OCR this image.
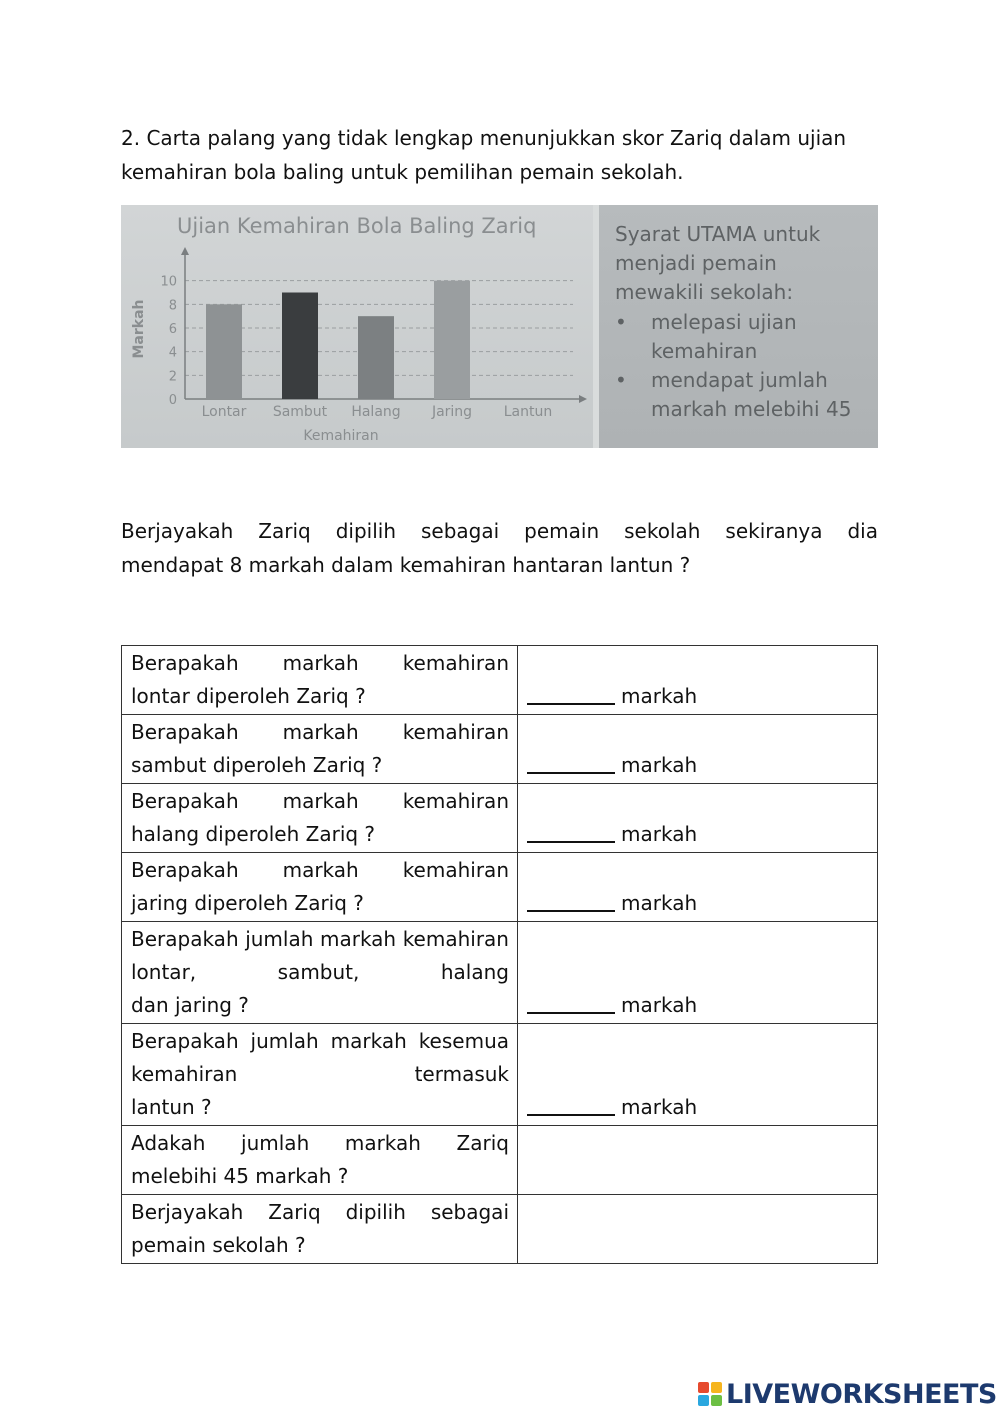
2. Carta palang yang tidak lengkap menunjukkan skor Zariq dalam ujian
kemahiran bola baling untuk pemilihan pemain sekolah.

Ujian Kemahiran Bola Baling Zariq
0
2
4
6
8
10
Lontar Sambut Halang Jaring Lantun
Kemahiran
Markah

Syarat UTAMA untuk menjadi pemain mewakili sekolah:

• melepasi ujian kemahiran
• mendapat jumlah markah melebihi 45

Berjayakah Zariq dipilih sebagai pemain sekolah sekiranya dia
mendapat 8 markah dalam kemahiran hantaran lantun ?

Berapakah markah kemahiran
lontar diperoleh Zariq ?	markah
Berapakah markah kemahiran
sambut diperoleh Zariq ?	markah
Berapakah markah kemahiran
halang diperoleh Zariq ?	markah
Berapakah markah kemahiran
jaring diperoleh Zariq ?	markah
Berapakah jumlah markah kemahiran lontar, sambut, halang
dan jaring ?	markah
Berapakah jumlah markah kesemua kemahiran termasuk
lantun ?	markah
Adakah jumlah markah Zariq
melebihi 45 markah ?	

Berjayakah Zariq dipilih sebagai
pemain sekolah ?	

LIVEWORKSHEETS
